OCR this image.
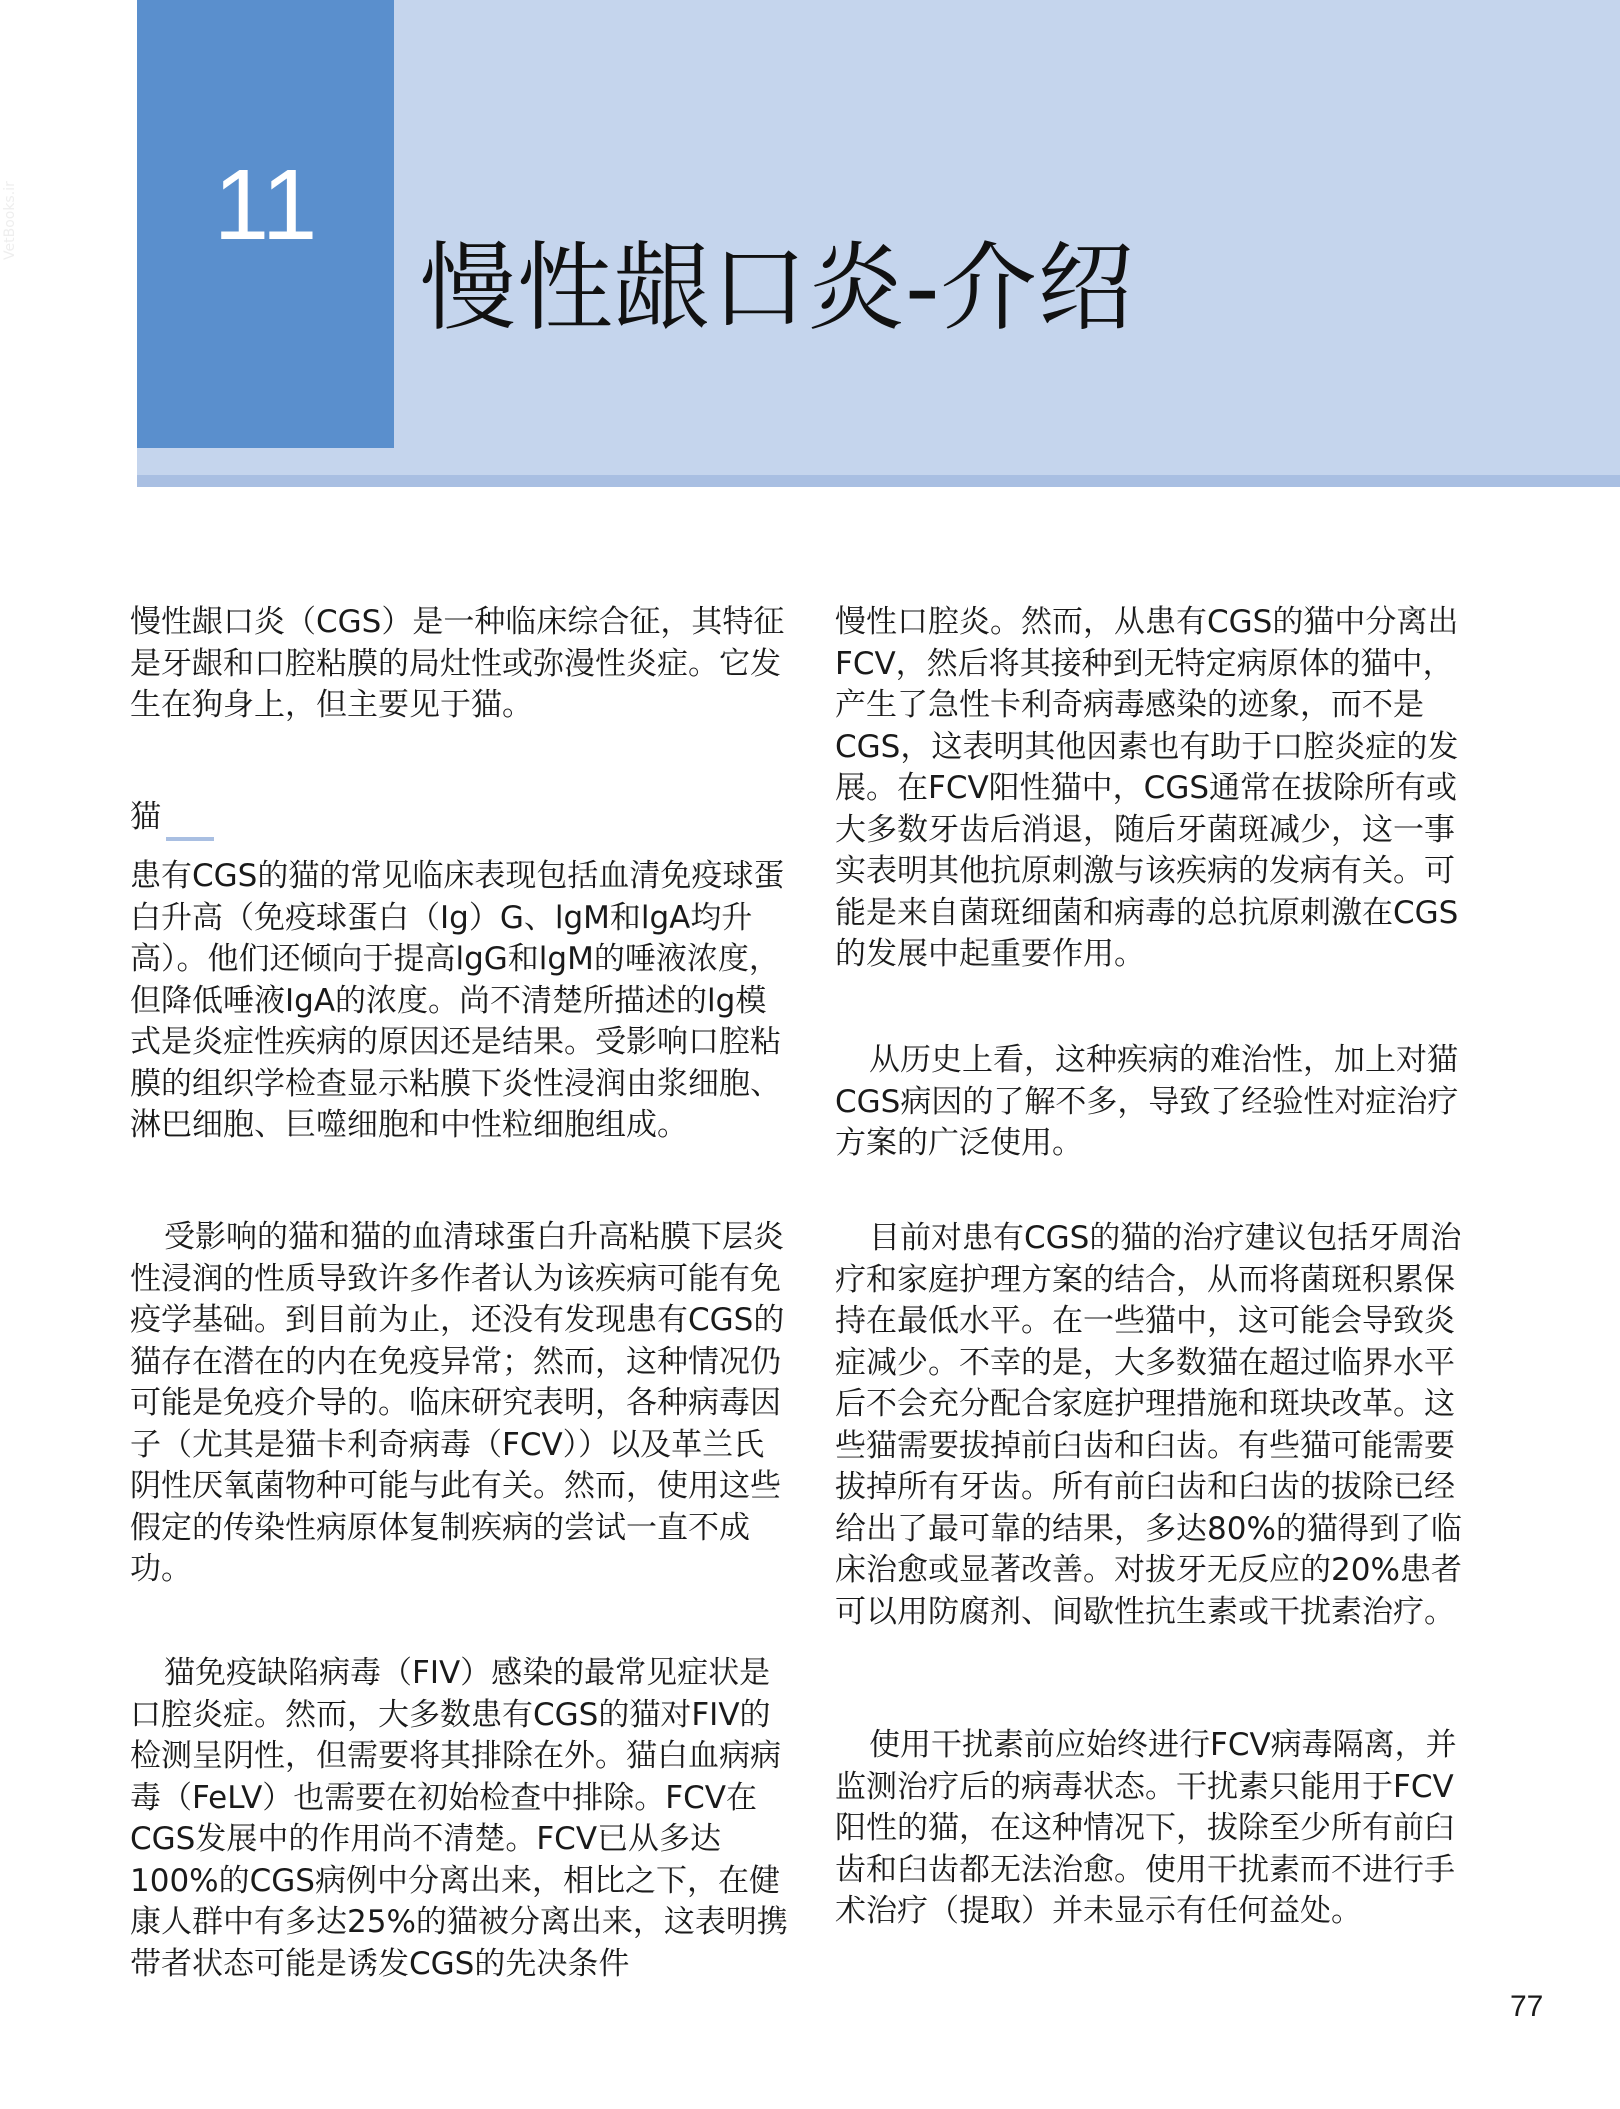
11
慢性龈口炎-介绍
VetBooks.ir

慢性龈口炎（CGS）是一种临床综合征，其特征是牙龈和口腔粘膜的局灶性或弥漫性炎症。它发生在狗身上，但主要见于猫。

猫

患有CGS的猫的常见临床表现包括血清免疫球蛋白升高（免疫球蛋白（Ig）G、lgM和lgA均升高）。他们还倾向于提高lgG和lgM的唾液浓度，但降低唾液IgA的浓度。尚不清楚所描述的lg模式是炎症性疾病的原因还是结果。受影响口腔粘膜的组织学检查显示粘膜下炎性浸润由浆细胞、淋巴细胞、巨噬细胞和中性粒细胞组成。

受影响的猫和猫的血清球蛋白升高粘膜下层炎性浸润的性质导致许多作者认为该疾病可能有免疫学基础。到目前为止，还没有发现患有CGS的猫存在潜在的内在免疫异常；然而，这种情况仍可能是免疫介导的。临床研究表明，各种病毒因子（尤其是猫卡利奇病毒（FCV））以及革兰氏阴性厌氧菌物种可能与此有关。然而，使用这些假定的传染性病原体复制疾病的尝试一直不成功。

猫免疫缺陷病毒（FIV）感染的最常见症状是口腔炎症。然而，大多数患有CGS的猫对FIV的检测呈阴性，但需要将其排除在外。猫白血病病毒（FeLV）也需要在初始检查中排除。FCV在CGS发展中的作用尚不清楚。FCV已从多达100%的CGS病例中分离出来，相比之下，在健康人群中有多达25%的猫被分离出来，这表明携带者状态可能是诱发CGS的先决条件

慢性口腔炎。然而，从患有CGS的猫中分离出FCV，然后将其接种到无特定病原体的猫中，产生了急性卡利奇病毒感染的迹象，而不是CGS，这表明其他因素也有助于口腔炎症的发展。在FCV阳性猫中，CGS通常在拔除所有或大多数牙齿后消退，随后牙菌斑减少，这一事实表明其他抗原刺激与该疾病的发病有关。可能是来自菌斑细菌和病毒的总抗原刺激在CGS的发展中起重要作用。

从历史上看，这种疾病的难治性，加上对猫CGS病因的了解不多，导致了经验性对症治疗方案的广泛使用。

目前对患有CGS的猫的治疗建议包括牙周治疗和家庭护理方案的结合，从而将菌斑积累保持在最低水平。在一些猫中，这可能会导致炎症减少。不幸的是，大多数猫在超过临界水平后不会充分配合家庭护理措施和斑块改革。这些猫需要拔掉前臼齿和臼齿。有些猫可能需要拔掉所有牙齿。所有前臼齿和臼齿的拔除已经给出了最可靠的结果，多达80%的猫得到了临床治愈或显著改善。对拔牙无反应的20%患者可以用防腐剂、间歇性抗生素或干扰素治疗。

使用干扰素前应始终进行FCV病毒隔离，并监测治疗后的病毒状态。干扰素只能用于FCV阳性的猫，在这种情况下，拔除至少所有前臼齿和臼齿都无法治愈。使用干扰素而不进行手术治疗（提取）并未显示有任何益处。

77
